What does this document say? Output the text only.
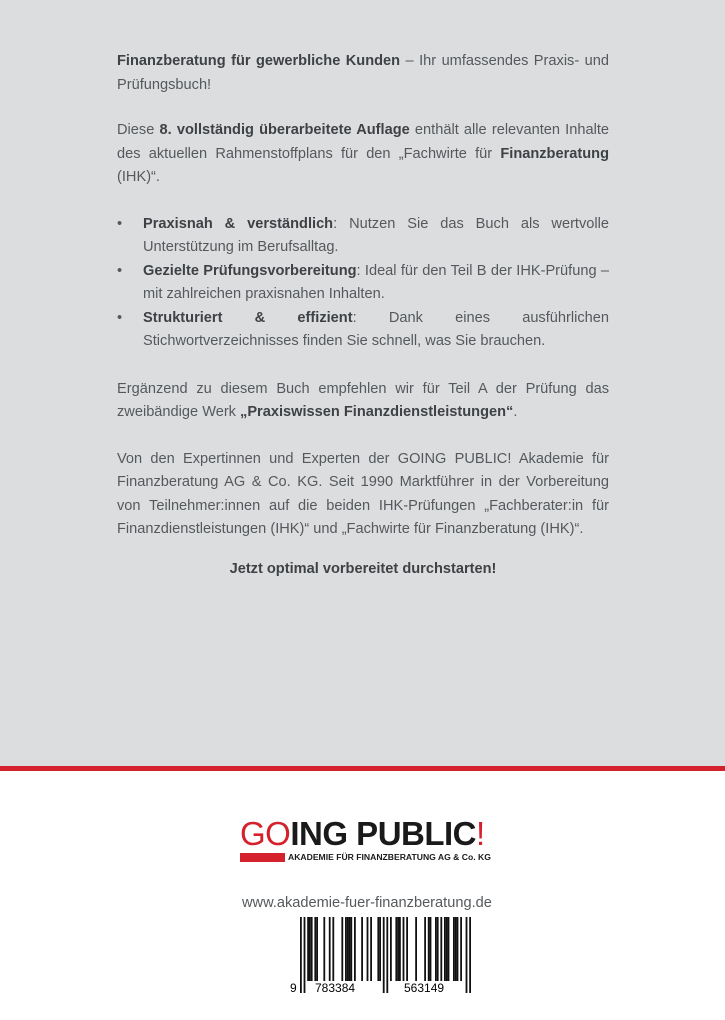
Finanzberatung für gewerbliche Kunden – Ihr umfassendes Praxis- und Prüfungsbuch!

Diese 8. vollständig überarbeitete Auflage enthält alle relevanten Inhalte des aktuellen Rahmenstoffplans für den „Fachwirte für Finanzberatung (IHK)“.

• Praxisnah & verständlich: Nutzen Sie das Buch als wertvolle Unterstützung im Berufsalltag.
• Gezielte Prüfungsvorbereitung: Ideal für den Teil B der IHK-Prüfung – mit zahlreichen praxisnahen Inhalten.
• Strukturiert & effizient: Dank eines ausführlichen Stichwortverzeichnisses finden Sie schnell, was Sie brauchen.

Ergänzend zu diesem Buch empfehlen wir für Teil A der Prüfung das zweibändige Werk „Praxiswissen Finanzdienstleistungen“.

Von den Expertinnen und Experten der GOING PUBLIC! Akademie für Finanzberatung AG & Co. KG. Seit 1990 Marktführer in der Vorbereitung von Teilnehmer:innen auf die beiden IHK-Prüfungen „Fachberater:in für Finanzdienstleistungen (IHK)“ und „Fachwirte für Finanzberatung (IHK)“.

Jetzt optimal vorbereitet durchstarten!

GOING PUBLIC!
AKADEMIE FÜR FINANZBERATUNG AG & Co. KG
www.akademie-fuer-finanzberatung.de
9 783384	563149
